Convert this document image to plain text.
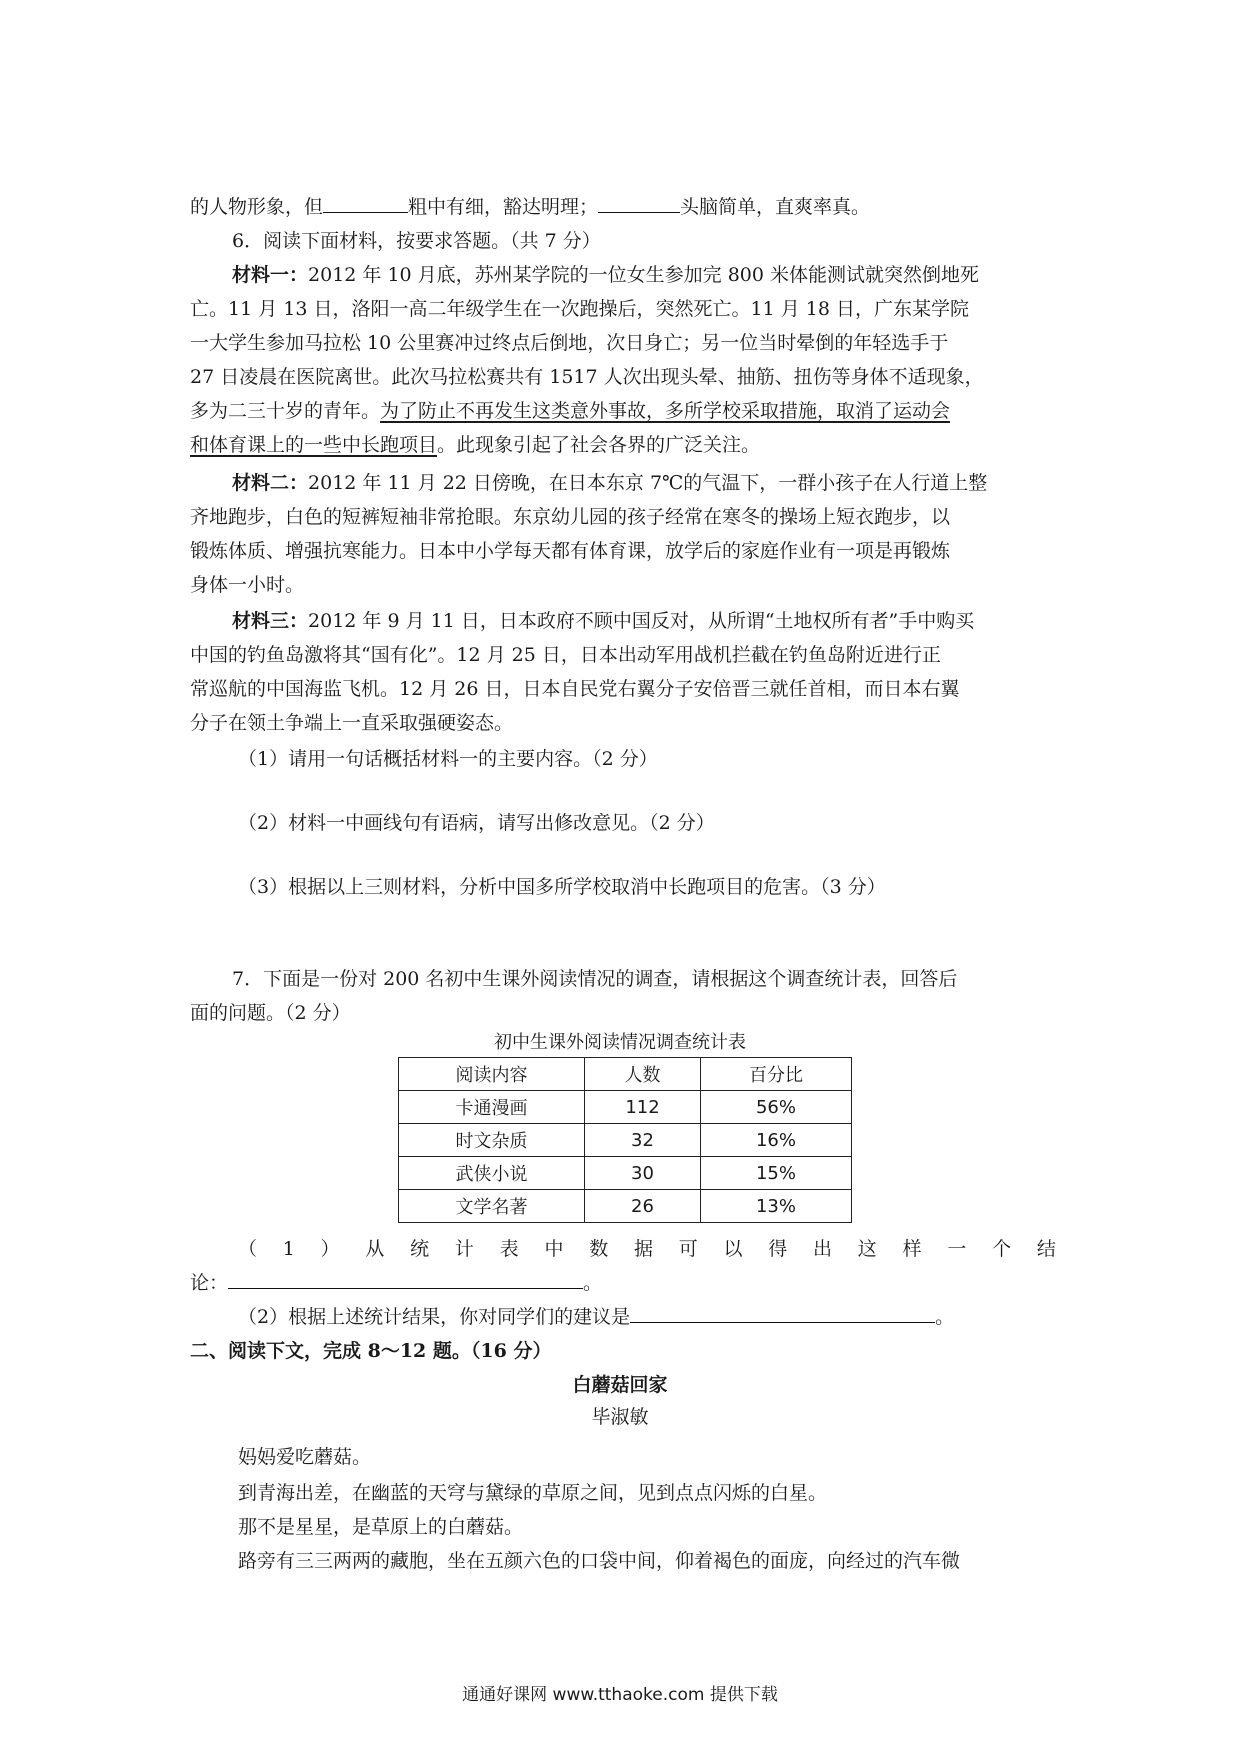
的人物形象，但	粗中有细，豁达明理；	头脑简单，直爽率真。
6．阅读下面材料，按要求答题。（共 7 分）
材料一：2012 年 10 月底，苏州某学院的一位女生参加完 800 米体能测试就突然倒地死
亡。11 月 13 日，洛阳一高二年级学生在一次跑操后，突然死亡。11 月 18 日，广东某学院
一大学生参加马拉松 10 公里赛冲过终点后倒地，次日身亡；另一位当时晕倒的年轻选手于
27 日凌晨在医院离世。此次马拉松赛共有 1517 人次出现头晕、抽筋、扭伤等身体不适现象，
多为二三十岁的青年。为了防止不再发生这类意外事故，多所学校采取措施，取消了运动会
和体育课上的一些中长跑项目。此现象引起了社会各界的广泛关注。
材料二：2012 年 11 月 22 日傍晚，在日本东京 7℃的气温下，一群小孩子在人行道上整
齐地跑步，白色的短裤短袖非常抢眼。东京幼儿园的孩子经常在寒冬的操场上短衣跑步，以
锻炼体质、增强抗寒能力。日本中小学每天都有体育课，放学后的家庭作业有一项是再锻炼
身体一小时。
材料三：2012 年 9 月 11 日，日本政府不顾中国反对，从所谓“土地权所有者”手中购买
中国的钓鱼岛激将其“国有化”。12 月 25 日，日本出动军用战机拦截在钓鱼岛附近进行正
常巡航的中国海监飞机。12 月 26 日，日本自民党右翼分子安倍晋三就任首相，而日本右翼
分子在领土争端上一直采取强硬姿态。
（1）请用一句话概括材料一的主要内容。（2 分）
（2）材料一中画线句有语病，请写出修改意见。（2 分）
（3）根据以上三则材料，分析中国多所学校取消中长跑项目的危害。（3 分）
7．下面是一份对 200 名初中生课外阅读情况的调查，请根据这个调查统计表，回答后
面的问题。（2 分）
初中生课外阅读情况调查统计表
阅读内容	人数	百分比
卡通漫画	112	56%
时文杂质	32	16%
武侠小说	30	15%
文学名著	26	13%
（ 1 ） 从 统 计 表 中 数 据 可 以 得 出 这 样 一 个 结
论：	。
（2）根据上述统计结果，你对同学们的建议是	。
二、阅读下文，完成 8～12 题。（16 分）
白蘑菇回家
毕淑敏
妈妈爱吃蘑菇。
到青海出差，在幽蓝的天穹与黛绿的草原之间，见到点点闪烁的白星。
那不是星星，是草原上的白蘑菇。
路旁有三三两两的藏胞，坐在五颜六色的口袋中间，仰着褐色的面庞，向经过的汽车微
通通好课网 www.tthaoke.com 提供下载
